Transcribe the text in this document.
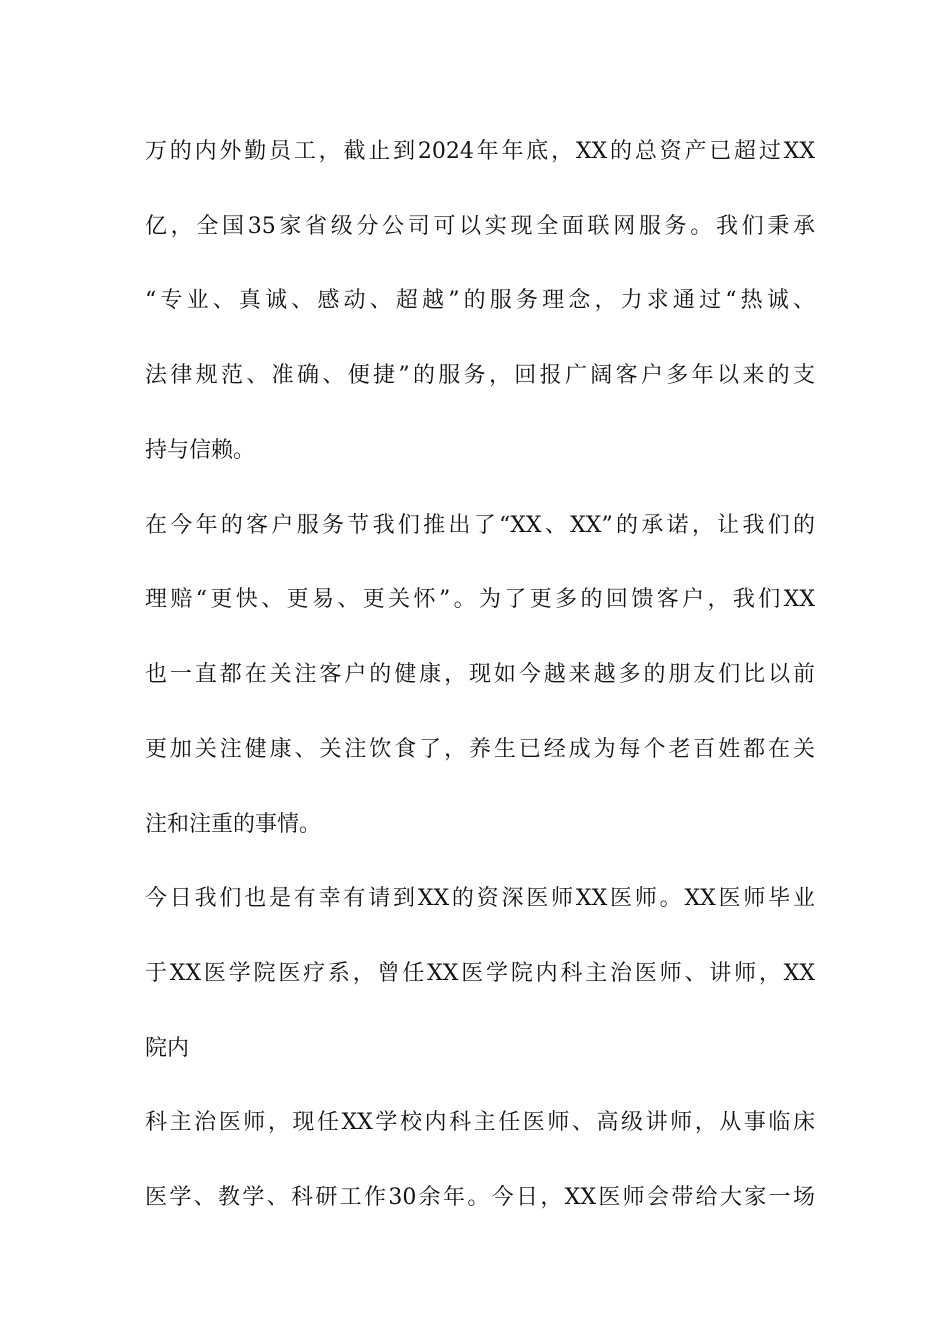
万的内外勤员工，截止到2024年年底，XX的总资产已超过XX
亿，全国35家省级分公司可以实现全面联网服务。我们秉承
“专业、真诚、感动、超越”的服务理念，力求通过“热诚、
法律规范、准确、便捷”的服务，回报广阔客户多年以来的支
持与信赖。
在今年的客户服务节我们推出了“XX、XX”的承诺，让我们的
理赔“更快、更易、更关怀”。为了更多的回馈客户，我们XX
也一直都在关注客户的健康，现如今越来越多的朋友们比以前
更加关注健康、关注饮食了，养生已经成为每个老百姓都在关
注和注重的事情。
今日我们也是有幸有请到XX的资深医师XX医师。XX医师毕业
于XX医学院医疗系，曾任XX医学院内科主治医师、讲师，XX
院内
科主治医师，现任XX学校内科主任医师、高级讲师，从事临床
医学、教学、科研工作30余年。今日，XX医师会带给大家一场
